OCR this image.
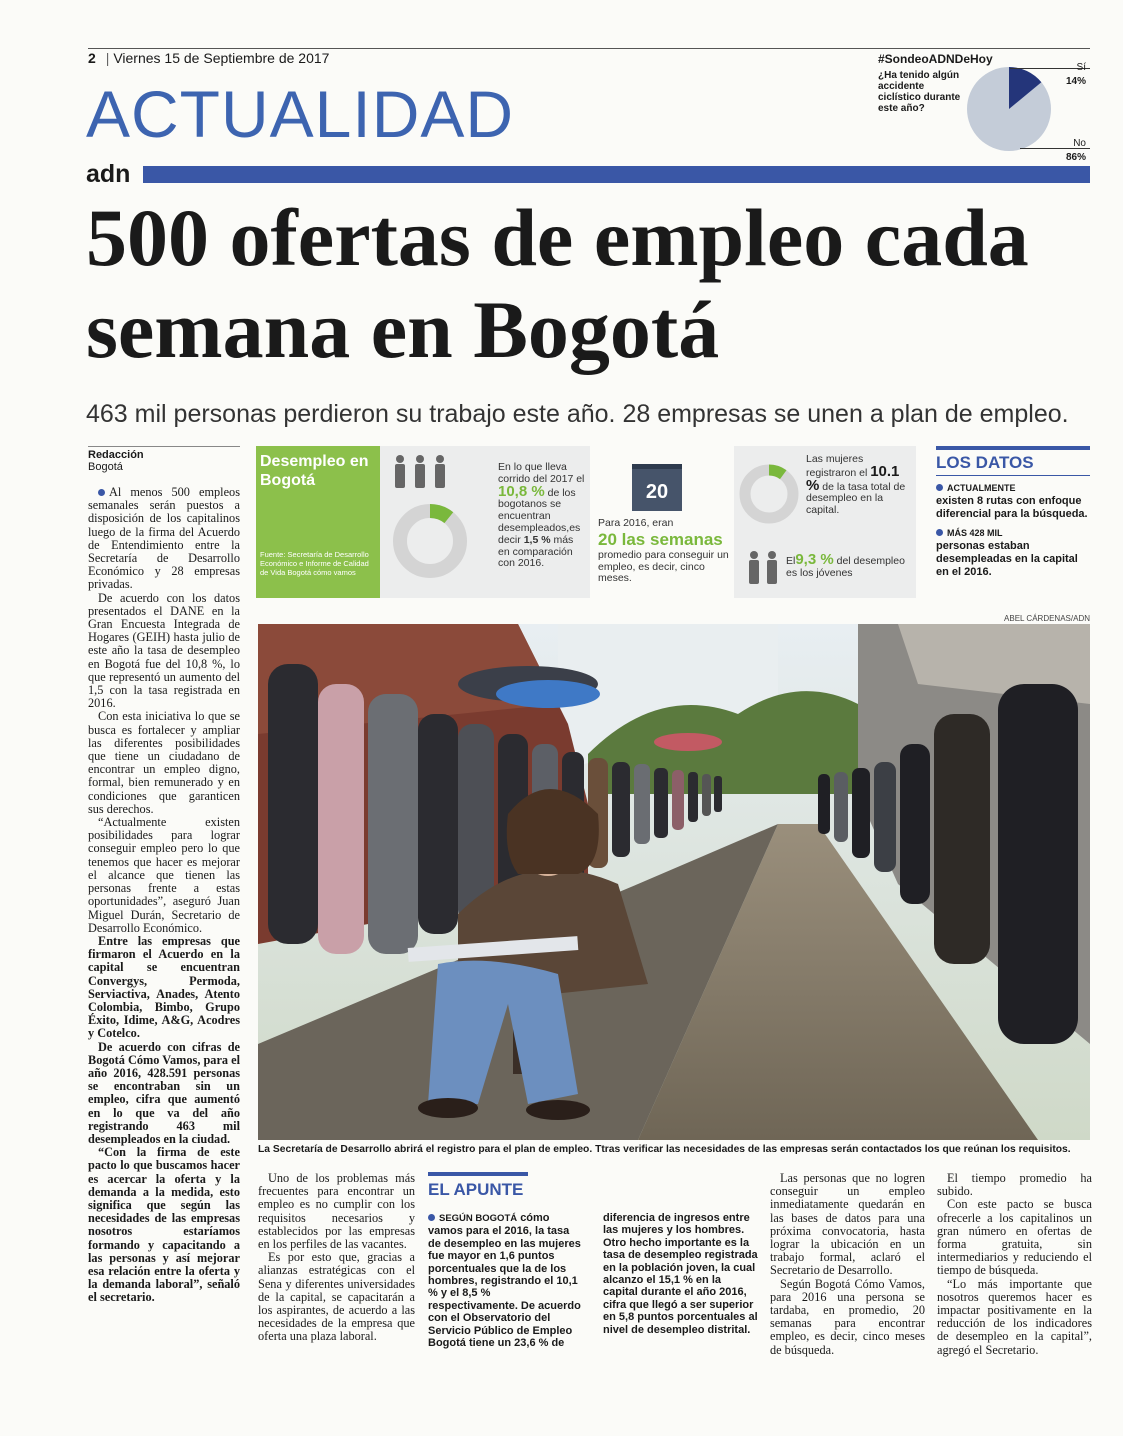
2 | Viernes 15 de Septiembre de 2017
ACTUALIDAD
#SondeoADNDeHoy
¿Ha tenido algún accidente ciclístico durante este año?
Sí
14%
No
86%
adn
500 ofertas de empleo cada semana en Bogotá
463 mil personas perdieron su trabajo este año. 28 empresas se unen a plan de empleo.
Redacción
Bogotá

Al menos 500 empleos semanales serán puestos a disposición de los capitalinos luego de la firma del Acuerdo de Entendimiento entre la Secretaría de Desarrollo Económico y 28 empresas privadas.

De acuerdo con los datos presentados el DANE en la Gran Encuesta Integrada de Hogares (GEIH) hasta julio de este año la tasa de desempleo en Bogotá fue del 10,8 %, lo que representó un aumento del 1,5 con la tasa registrada en 2016.

Con esta iniciativa lo que se busca es fortalecer y ampliar las diferentes posibilidades que tiene un ciudadano de encontrar un empleo digno, formal, bien remunerado y en condiciones que garanticen sus derechos.

“Actualmente existen posibilidades para lograr conseguir empleo pero lo que tenemos que hacer es mejorar el alcance que tienen las personas frente a estas oportunidades”, aseguró Juan Miguel Durán, Secretario de Desarrollo Económico.

Entre las empresas que firmaron el Acuerdo en la capital se encuentran Convergys, Permoda, Serviactiva, Anades, Atento Colombia, Bimbo, Grupo Éxito, Idime, A&G, Acodres y Cotelco.

De acuerdo con cifras de Bogotá Cómo Vamos, para el año 2016, 428.591 personas se encontraban sin un empleo, cifra que aumentó en lo que va del año registrando 463 mil desempleados en la ciudad.

“Con la firma de este pacto lo que buscamos hacer es acercar la oferta y la demanda a la medida, esto significa que según las necesidades de las empresas nosotros estaríamos formando y capacitando a las personas y así mejorar esa relación entre la oferta y la demanda laboral”, señaló el secretario.

Desempleo en Bogotá
Fuente: Secretaría de Desarrollo Económico e Informe de Calidad de Vida Bogotá cómo vamos
En lo que lleva corrido del 2017 el 10,8 % de los bogotanos se encuentran desempleados,es decir 1,5 % más en comparación con 2016.
20
Para 2016, eran
20 las semanas
promedio para conseguir un empleo, es decir, cinco meses.
Las mujeres registraron el 10.1 % de la tasa total de desempleo en la capital.
El9,3 % del desempleo es los jóvenes
LOS DATOS
ACTUALMENTE
existen 8 rutas con enfoque diferencial para la búsqueda.
MÁS 428 MIL
personas estaban desempleadas en la capital en el 2016.
ABEL CÁRDENAS/ADN
La Secretaría de Desarrollo abrirá el registro para el plan de empleo. Ttras verificar las necesidades de las empresas serán contactados los que reúnan los requisitos.

Uno de los problemas más frecuentes para encontrar un empleo es no cumplir con los requisitos necesarios y establecidos por las empresas en los perfiles de las vacantes.

Es por esto que, gracias a alianzas estratégicas con el Sena y diferentes universidades de la capital, se capacitarán a los aspirantes, de acuerdo a las necesidades de la empresa que oferta una plaza laboral.

EL APUNTE
SEGÚN BOGOTÁ cómo vamos para el 2016, la tasa de desempleo en las mujeres fue mayor en 1,6 puntos porcentuales que la de los hombres, registrando el 10,1 % y el 8,5 % respectivamente. De acuerdo con el Observatorio del Servicio Público de Empleo Bogotá tiene un 23,6 % de
diferencia de ingresos entre las mujeres y los hombres. Otro hecho importante es la tasa de desempleo registrada en la población joven, la cual alcanzo el 15,1 % en la capital durante el año 2016, cifra que llegó a ser superior en 5,8 puntos porcentuales al nivel de desempleo distrital.

Las personas que no logren conseguir un empleo inmediatamente quedarán en las bases de datos para una próxima convocatoria, hasta lograr la ubicación en un trabajo formal, aclaró el Secretario de Desarrollo.

Según Bogotá Cómo Vamos, para 2016 una persona se tardaba, en promedio, 20 semanas para encontrar empleo, es decir, cinco meses de búsqueda.

El tiempo promedio ha subido.

Con este pacto se busca ofrecerle a los capitalinos un gran número en ofertas de forma gratuita, sin intermediarios y reduciendo el tiempo de búsqueda.

“Lo más importante que nosotros queremos hacer es impactar positivamente en la reducción de los indicadores de desempleo en la capital”, agregó el Secretario.
